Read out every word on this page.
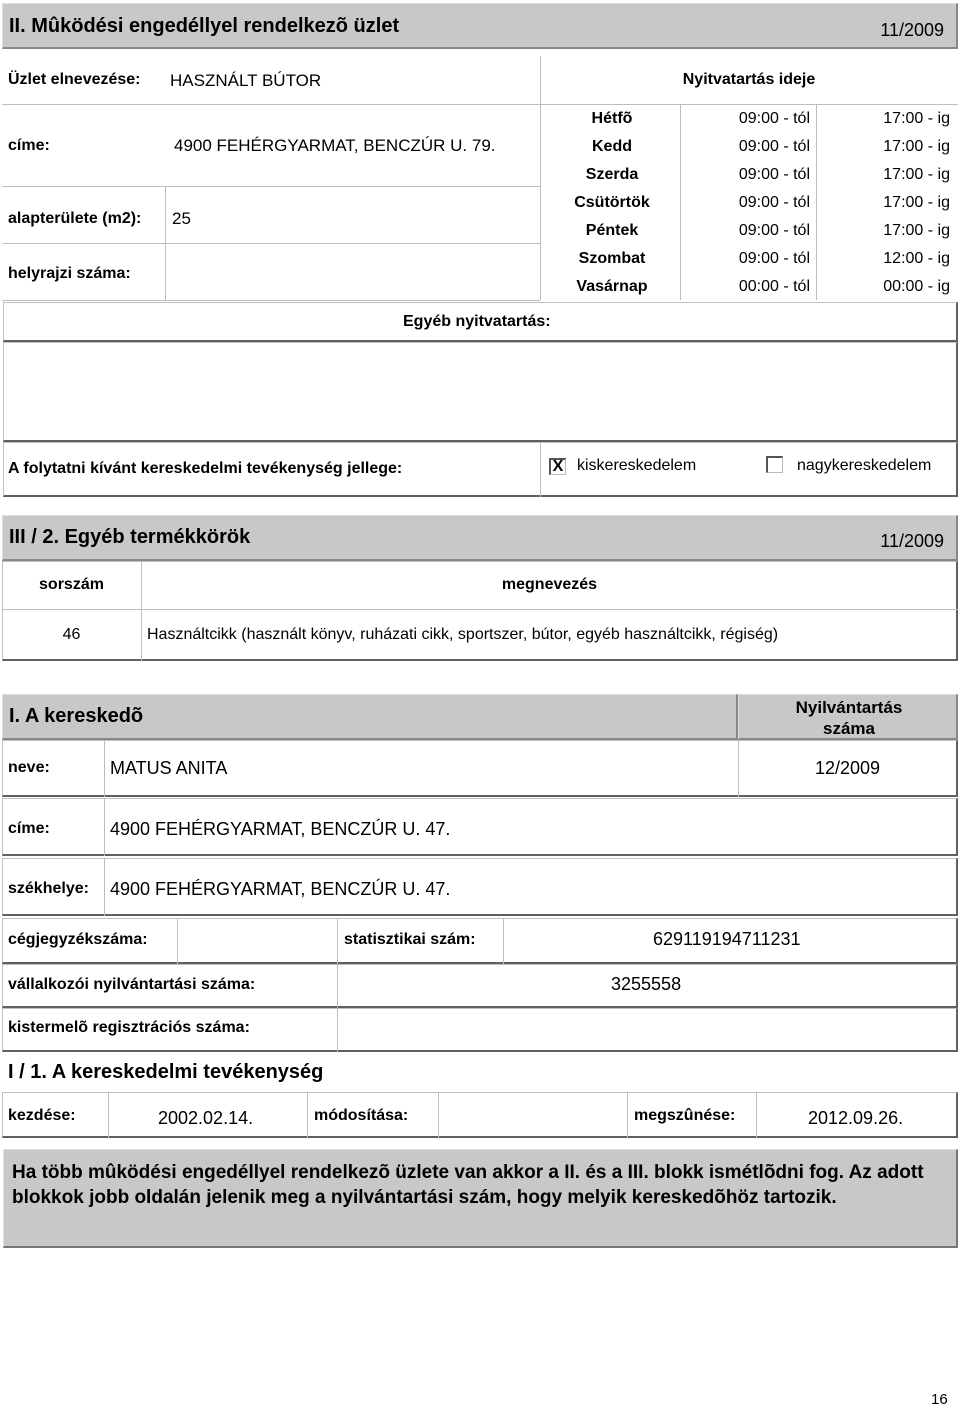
II. Mûködési engedéllyel rendelkezõ üzlet	11/2009
Üzlet elnevezése: HASZNÁLT BÚTOR
címe:	4900 FEHÉRGYARMAT, BENCZÚR U. 79.
alapterülete (m2): 25
helyrajzi száma:
Nyitvatartás ideje
Hétfõ	09:00 - tól	17:00 - ig
Kedd	09:00 - tól	17:00 - ig
Szerda	09:00 - tól	17:00 - ig
Csütörtök	09:00 - tól	17:00 - ig
Péntek	09:00 - tól	17:00 - ig
Szombat	09:00 - tól	12:00 - ig
Vasárnap	00:00 - tól	00:00 - ig
Egyéb nyitvatartás:
A folytatni kívánt kereskedelmi tevékenység jellege:	X kiskereskedelem	nagykereskedelem
III / 2. Egyéb termékkörök	11/2009
sorszám	megnevezés
46	Használtcikk (használt könyv, ruházati cikk, sportszer, bútor, egyéb használtcikk, régiség)
I. A kereskedõ	Nyilvántartás száma
neve:	MATUS ANITA	12/2009
címe:	4900 FEHÉRGYARMAT, BENCZÚR U. 47.
székhelye: 4900 FEHÉRGYARMAT, BENCZÚR U. 47.
cégjegyzékszáma:	statisztikai szám:	629119194711231
vállalkozói nyilvántartási száma:	3255558
kistermelõ regisztrációs száma:
I / 1. A kereskedelmi tevékenység
kezdése:	2002.02.14.	módosítása:	megszûnése:	2012.09.26.
Ha több mûködési engedéllyel rendelkezõ üzlete van akkor a II. és a III. blokk ismétlõdni fog. Az adott blokkok jobb oldalán jelenik meg a nyilvántartási szám, hogy melyik kereskedõhöz tartozik.
16
